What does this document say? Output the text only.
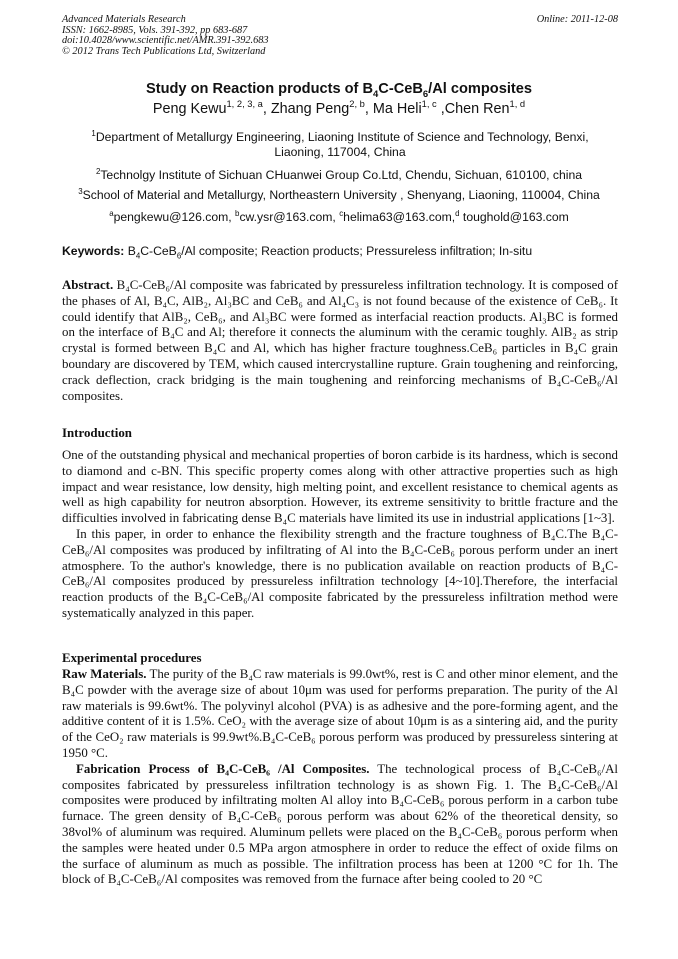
Advanced Materials Research
ISSN: 1662-8985, Vols. 391-392, pp 683-687
doi:10.4028/www.scientific.net/AMR.391-392.683
© 2012 Trans Tech Publications Ltd, Switzerland
Online: 2011-12-08
Study on Reaction products of $B_4C-CeB_6/Al$ composites
Peng Kewu$^{1, 2, 3, a}$, Zhang Peng$^{2, b}$, Ma Heli$^{1, c}$ ,Chen Ren$^{1, d}$
$^1$Department of Metallurgy Engineering, Liaoning Institute of Science and Technology, Benxi,
Liaoning, 117004, China
$^2$Technolgy Institute of Sichuan CHuanwei Group Co.Ltd, Chendu, Sichuan, 610100, china
$^3$School of Material and Metallurgy, Northeastern University , Shenyang, Liaoning, 110004, China
$^a$pengkewu@126.com, $^b$cw.ysr@163.com, $^c$helima63@163.com,$^d$ toughold@163.com
Keywords: $B_4C-CeB_6/Al$ composite; Reaction products; Pressureless infiltration; In-situ
Abstract. B₄C-CeB₆/Al composite was fabricated by pressureless infiltration technology. It is composed of the phases of Al, B₄C, AlB₂, Al₃BC and CeB₆ and Al₄C₃ is not found because of the existence of CeB₆. It could identify that AlB₂, CeB₆, and Al₃BC were formed as interfacial reaction products. Al₃BC is formed on the interface of B₄C and Al; therefore it connects the aluminum with the ceramic toughly. AlB₂ as strip crystal is formed between B₄C and Al, which has higher fracture toughness.CeB₆ particles in B₄C grain boundary are discovered by TEM, which caused intercrystalline rupture. Grain toughening and reinforcing, crack deflection, crack bridging is the main toughening and reinforcing mechanisms of B₄C-CeB₆/Al composites.
Introduction
One of the outstanding physical and mechanical properties of boron carbide is its hardness, which is second to diamond and c-BN. This specific property comes along with other attractive properties such as high impact and wear resistance, low density, high melting point, and excellent resistance to chemical agents as well as high capability for neutron absorption. However, its extreme sensitivity to brittle fracture and the difficulties involved in fabricating dense B₄C materials have limited its use in industrial applications [1~3].
In this paper, in order to enhance the flexibility strength and the fracture toughness of B₄C.The B₄C-CeB₆/Al composites was produced by infiltrating of Al into the B₄C-CeB₆ porous perform under an inert atmosphere. To the author's knowledge, there is no publication available on reaction products of B₄C-CeB₆/Al composites produced by pressureless infiltration technology [4~10].Therefore, the interfacial reaction products of the B₄C-CeB₆/Al composite fabricated by the pressureless infiltration method were systematically analyzed in this paper.
Experimental procedures
Raw Materials. The purity of the B₄C raw materials is 99.0wt%, rest is C and other minor element, and the B₄C powder with the average size of about 10μm was used for performs preparation. The purity of the Al raw materials is 99.6wt%. The polyvinyl alcohol (PVA) is as adhesive and the pore-forming agent, and the additive content of it is 1.5%. CeO₂ with the average size of about 10μm is as a sintering aid, and the purity of the CeO₂ raw materials is 99.9wt%.B₄C-CeB₆ porous perform was produced by pressureless sintering at 1950 °C.
Fabrication Process of B₄C-CeB₆ /Al Composites. The technological process of B₄C-CeB₆/Al composites fabricated by pressureless infiltration technology is as shown Fig. 1. The B₄C-CeB₆/Al composites were produced by infiltrating molten Al alloy into B₄C-CeB₆ porous perform in a carbon tube furnace. The green density of B₄C-CeB₆ porous perform was about 62% of the theoretical density, so 38vol% of aluminum was required. Aluminum pellets were placed on the B₄C-CeB₆ porous perform when the samples were heated under 0.5 MPa argon atmosphere in order to reduce the effect of oxide films on the surface of aluminum as much as possible. The infiltration process has been at 1200 °C for 1h. The block of B₄C-CeB₆/Al composites was removed from the furnace after being cooled to 20 °C
